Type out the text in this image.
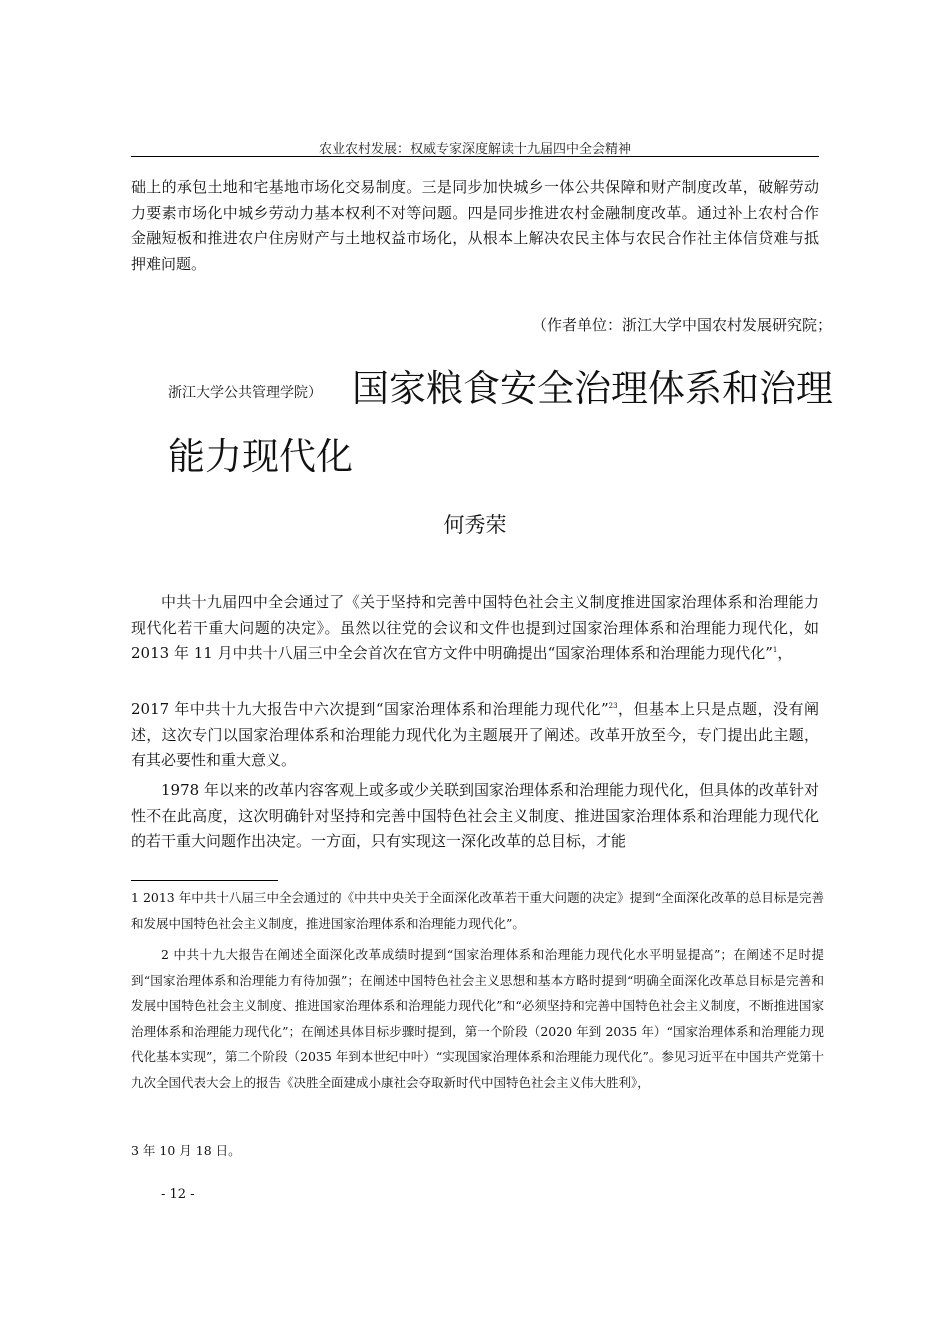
农业农村发展：权威专家深度解读十九届四中全会精神

础上的承包土地和宅基地市场化交易制度。三是同步加快城乡一体公共保障和财产制度改革，破解劳动力要素市场化中城乡劳动力基本权利不对等问题。四是同步推进农村金融制度改革。通过补上农村合作金融短板和推进农户住房财产与土地权益市场化，从根本上解决农民主体与农民合作社主体信贷难与抵押难问题。

（作者单位：浙江大学中国农村发展研究院；
浙江大学公共管理学院） 国家粮食安全治理体系和治理
能力现代化
何秀荣

中共十九届四中全会通过了《关于坚持和完善中国特色社会主义制度推进国家治理体系和治理能力现代化若干重大问题的决定》。虽然以往党的会议和文件也提到过国家治理体系和治理能力现代化，如 2013 年 11 月中共十八届三中全会首次在官方文件中明确提出“国家治理体系和治理能力现代化”$^1$，

2017 年中共十九大报告中六次提到“国家治理体系和治理能力现代化”$^{23}$，但基本上只是点题，没有阐述，这次专门以国家治理体系和治理能力现代化为主题展开了阐述。改革开放至今，专门提出此主题，有其必要性和重大意义。

1978 年以来的改革内容客观上或多或少关联到国家治理体系和治理能力现代化，但具体的改革针对性不在此高度，这次明确针对坚持和完善中国特色社会主义制度、推进国家治理体系和治理能力现代化的若干重大问题作出决定。一方面，只有实现这一深化改革的总目标，才能

1 2013 年中共十八届三中全会通过的《中共中央关于全面深化改革若干重大问题的决定》提到“全面深化改革的总目标是完善和发展中国特色社会主义制度，推进国家治理体系和治理能力现代化”。

2 中共十九大报告在阐述全面深化改革成绩时提到“国家治理体系和治理能力现代化水平明显提高”；在阐述不足时提到“国家治理体系和治理能力有待加强”；在阐述中国特色社会主义思想和基本方略时提到“明确全面深化改革总目标是完善和发展中国特色社会主义制度、推进国家治理体系和治理能力现代化”和“必须坚持和完善中国特色社会主义制度，不断推进国家治理体系和治理能力现代化”；在阐述具体目标步骤时提到，第一个阶段（2020 年到 2035 年）“国家治理体系和治理能力现代化基本实现”，第二个阶段（2035 年到本世纪中叶）“实现国家治理体系和治理能力现代化”。参见习近平在中国共产党第十九次全国代表大会上的报告《决胜全面建成小康社会夺取新时代中国特色社会主义伟大胜利》，

3 年 10 月 18 日。

- 12 -
